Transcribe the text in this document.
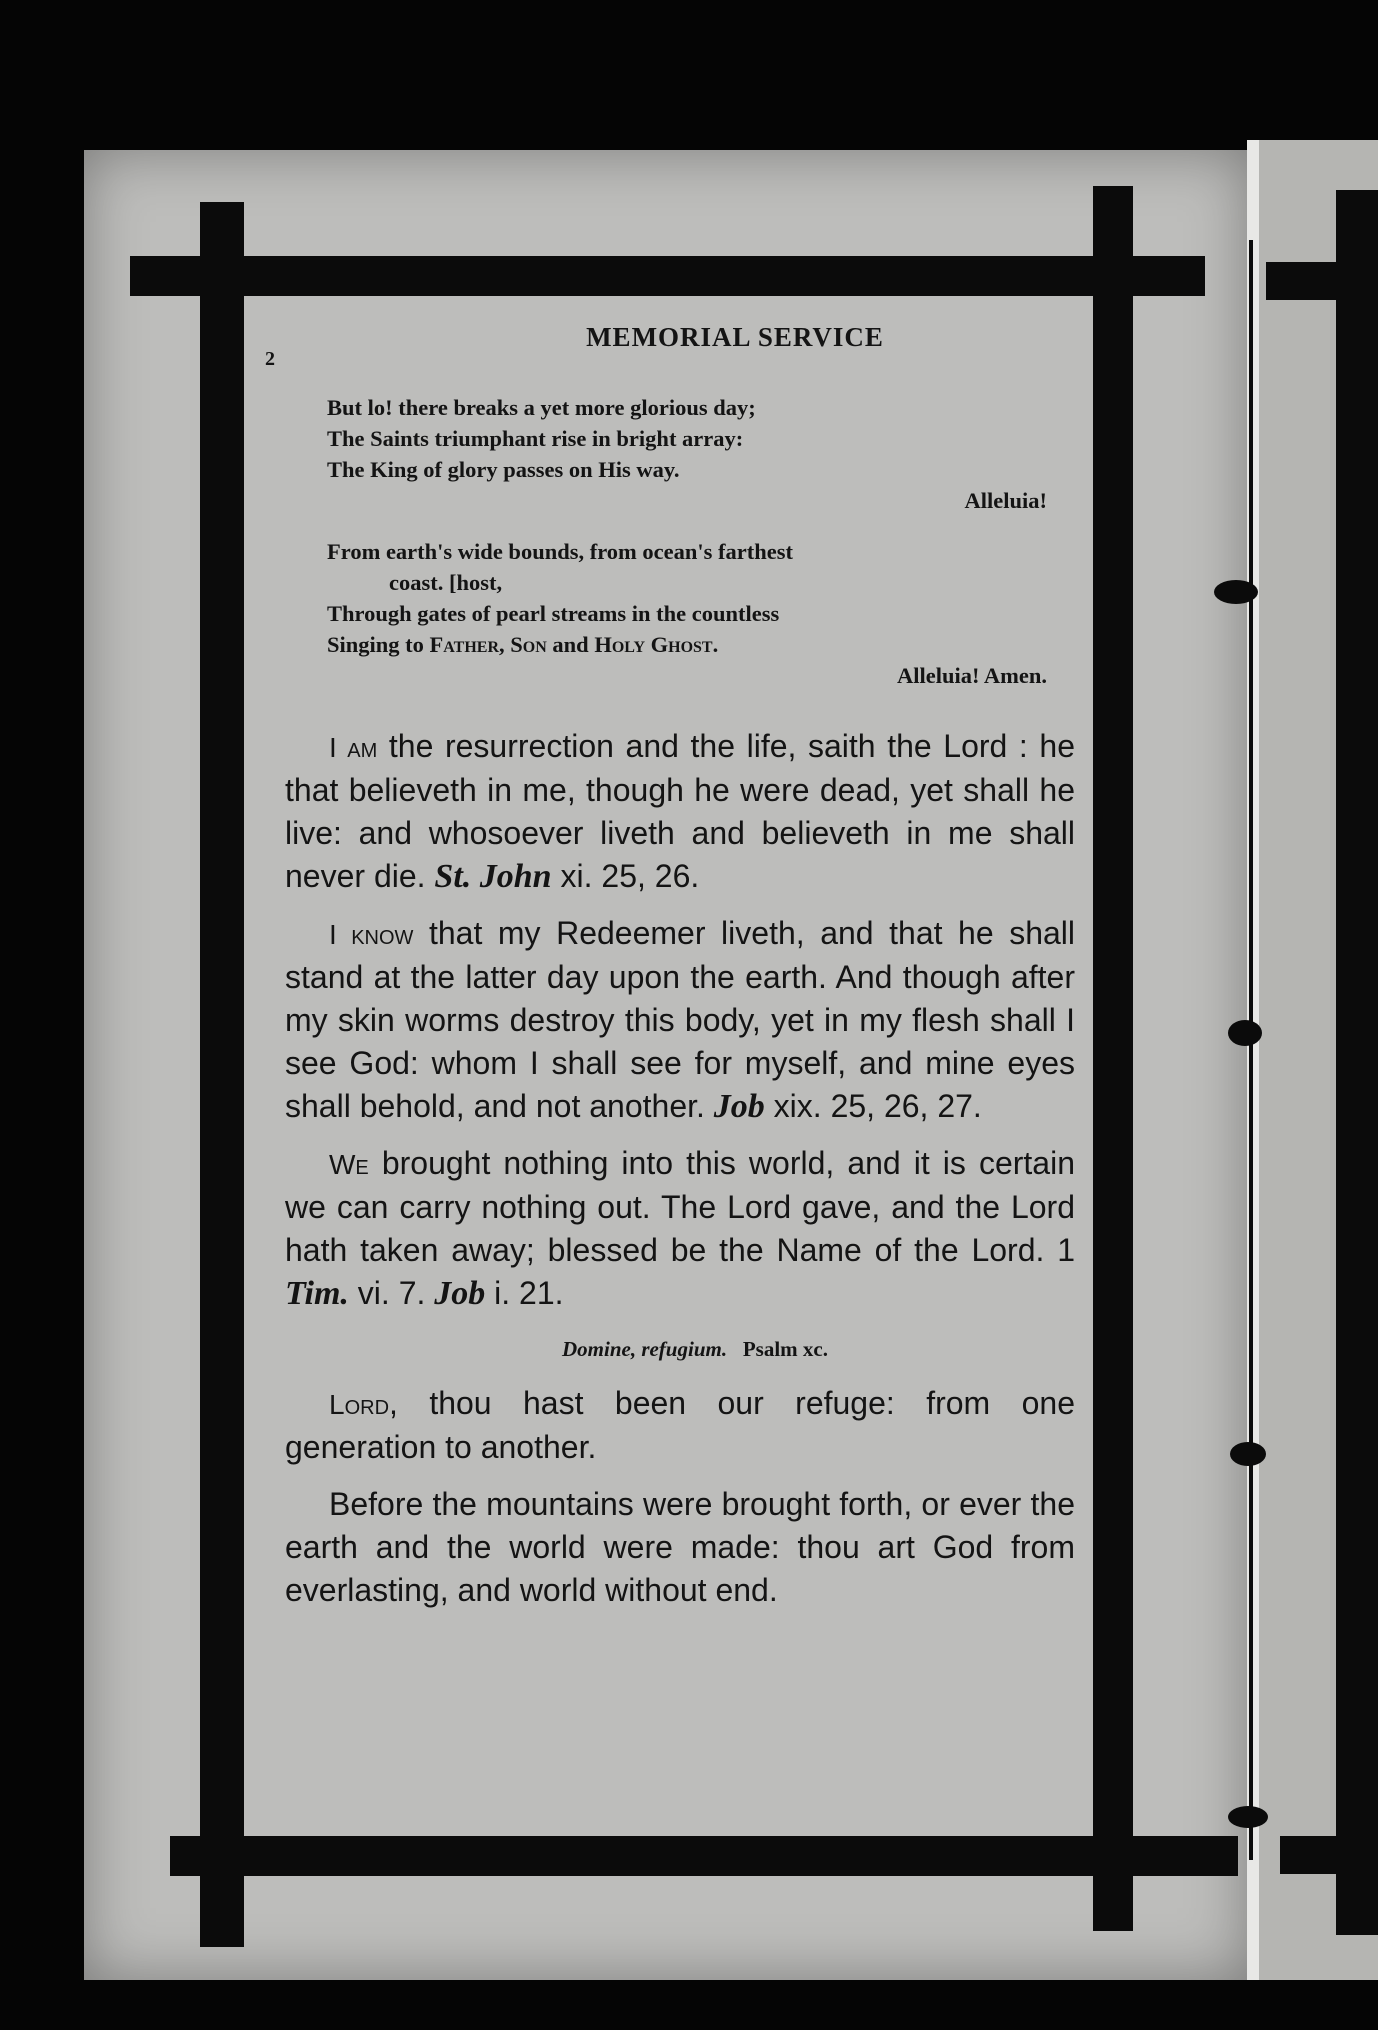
2
MEMORIAL SERVICE
But lo! there breaks a yet more glorious day;
The Saints triumphant rise in bright array:
The King of glory passes on His way.
Alleluia!
From earth's wide bounds, from ocean's farthest
coast. [host,
Through gates of pearl streams in the countless
Singing to Father, Son and Holy Ghost.
Alleluia! Amen.

I am the resurrection and the life, saith the Lord : he that believeth in me, though he were dead, yet shall he live: and whosoever liveth and believeth in me shall never die. St. John xi. 25, 26.

I know that my Redeemer liveth, and that he shall stand at the latter day upon the earth. And though after my skin worms destroy this body, yet in my flesh shall I see God: whom I shall see for myself, and mine eyes shall behold, and not another. Job xix. 25, 26, 27.

We brought nothing into this world, and it is certain we can carry nothing out. The Lord gave, and the Lord hath taken away; blessed be the Name of the Lord. 1 Tim. vi. 7. Job i. 21.

Domine, refugium. Psalm xc.

Lord, thou hast been our refuge: from one generation to another.

Before the mountains were brought forth, or ever the earth and the world were made: thou art God from everlasting, and world without end.
